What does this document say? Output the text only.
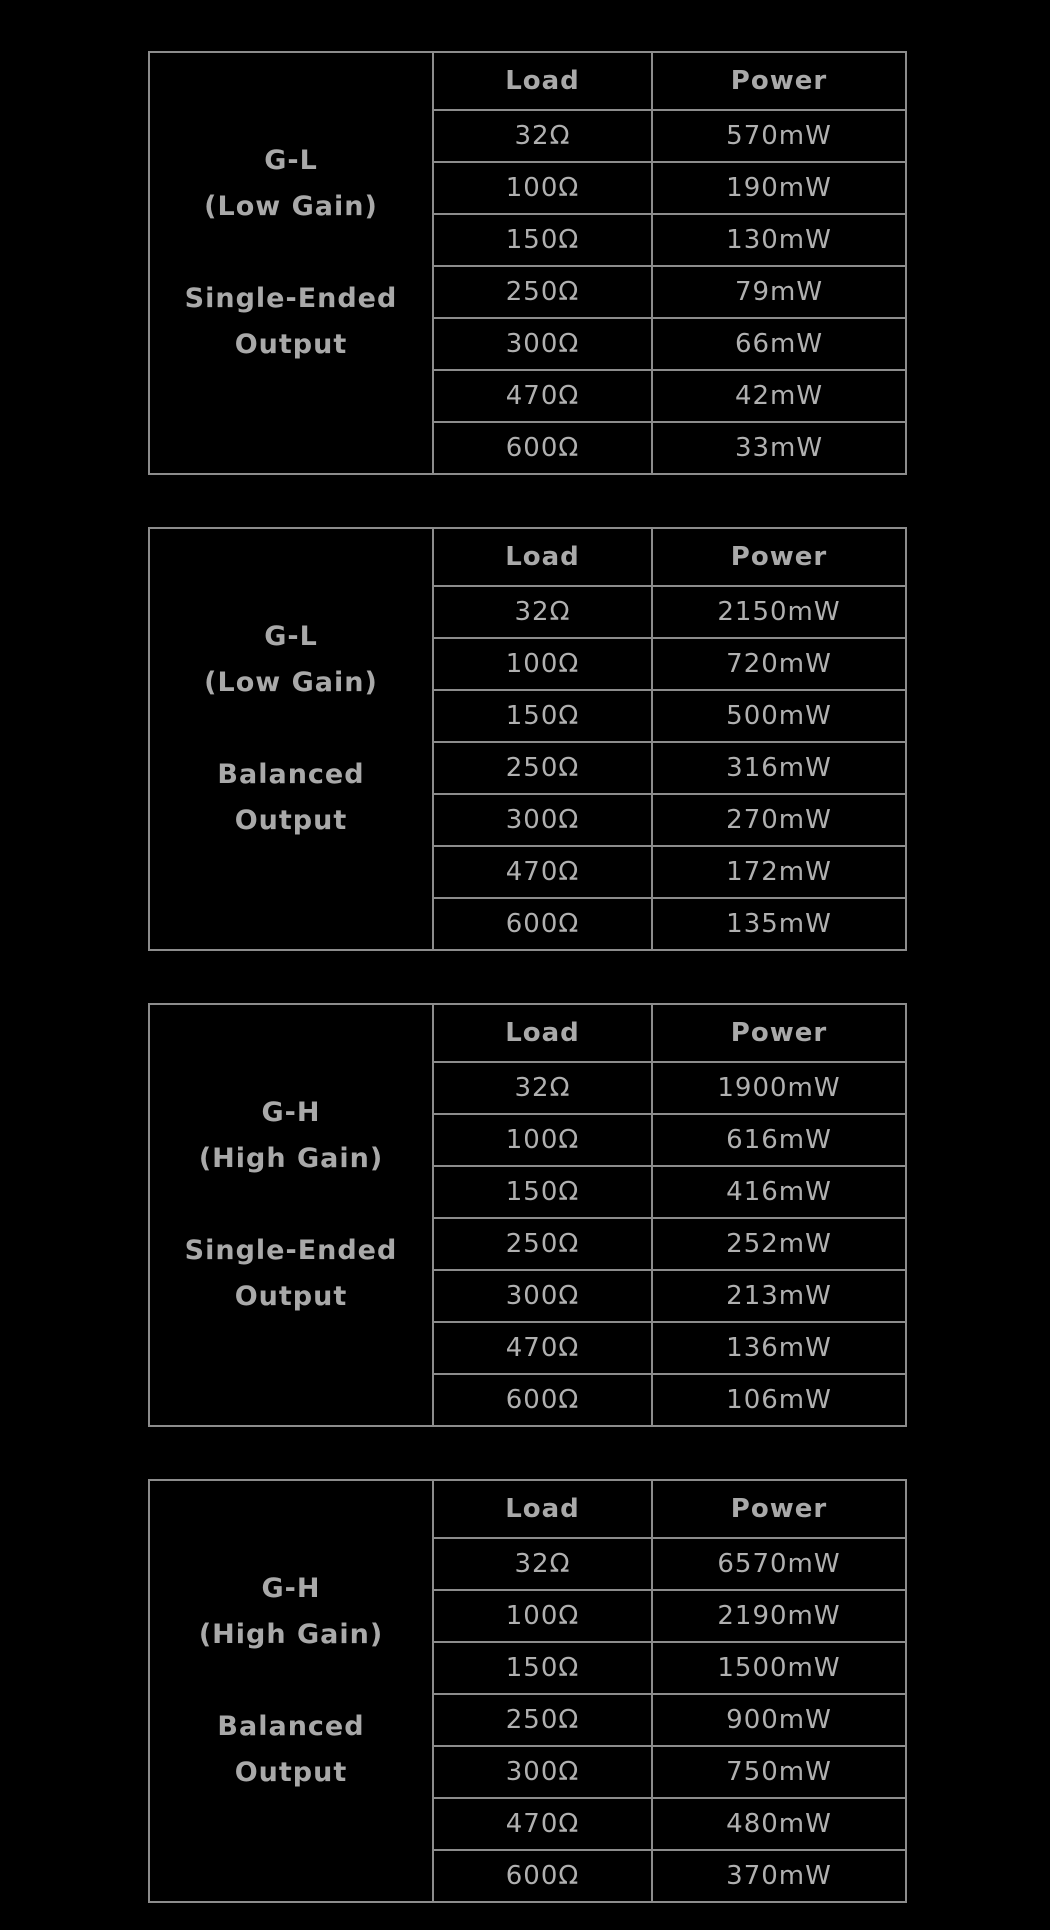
G-L
(Low Gain)
Single-Ended
Output
Load	Power
32Ω	570mW
100Ω	190mW
150Ω	130mW
250Ω	79mW
300Ω	66mW
470Ω	42mW
600Ω	33mW
G-L
(Low Gain)
Balanced
Output
Load	Power
32Ω	2150mW
100Ω	720mW
150Ω	500mW
250Ω	316mW
300Ω	270mW
470Ω	172mW
600Ω	135mW
G-H
(High Gain)
Single-Ended
Output
Load	Power
32Ω	1900mW
100Ω	616mW
150Ω	416mW
250Ω	252mW
300Ω	213mW
470Ω	136mW
600Ω	106mW
G-H
(High Gain)
Balanced
Output
Load	Power
32Ω	6570mW
100Ω	2190mW
150Ω	1500mW
250Ω	900mW
300Ω	750mW
470Ω	480mW
600Ω	370mW
